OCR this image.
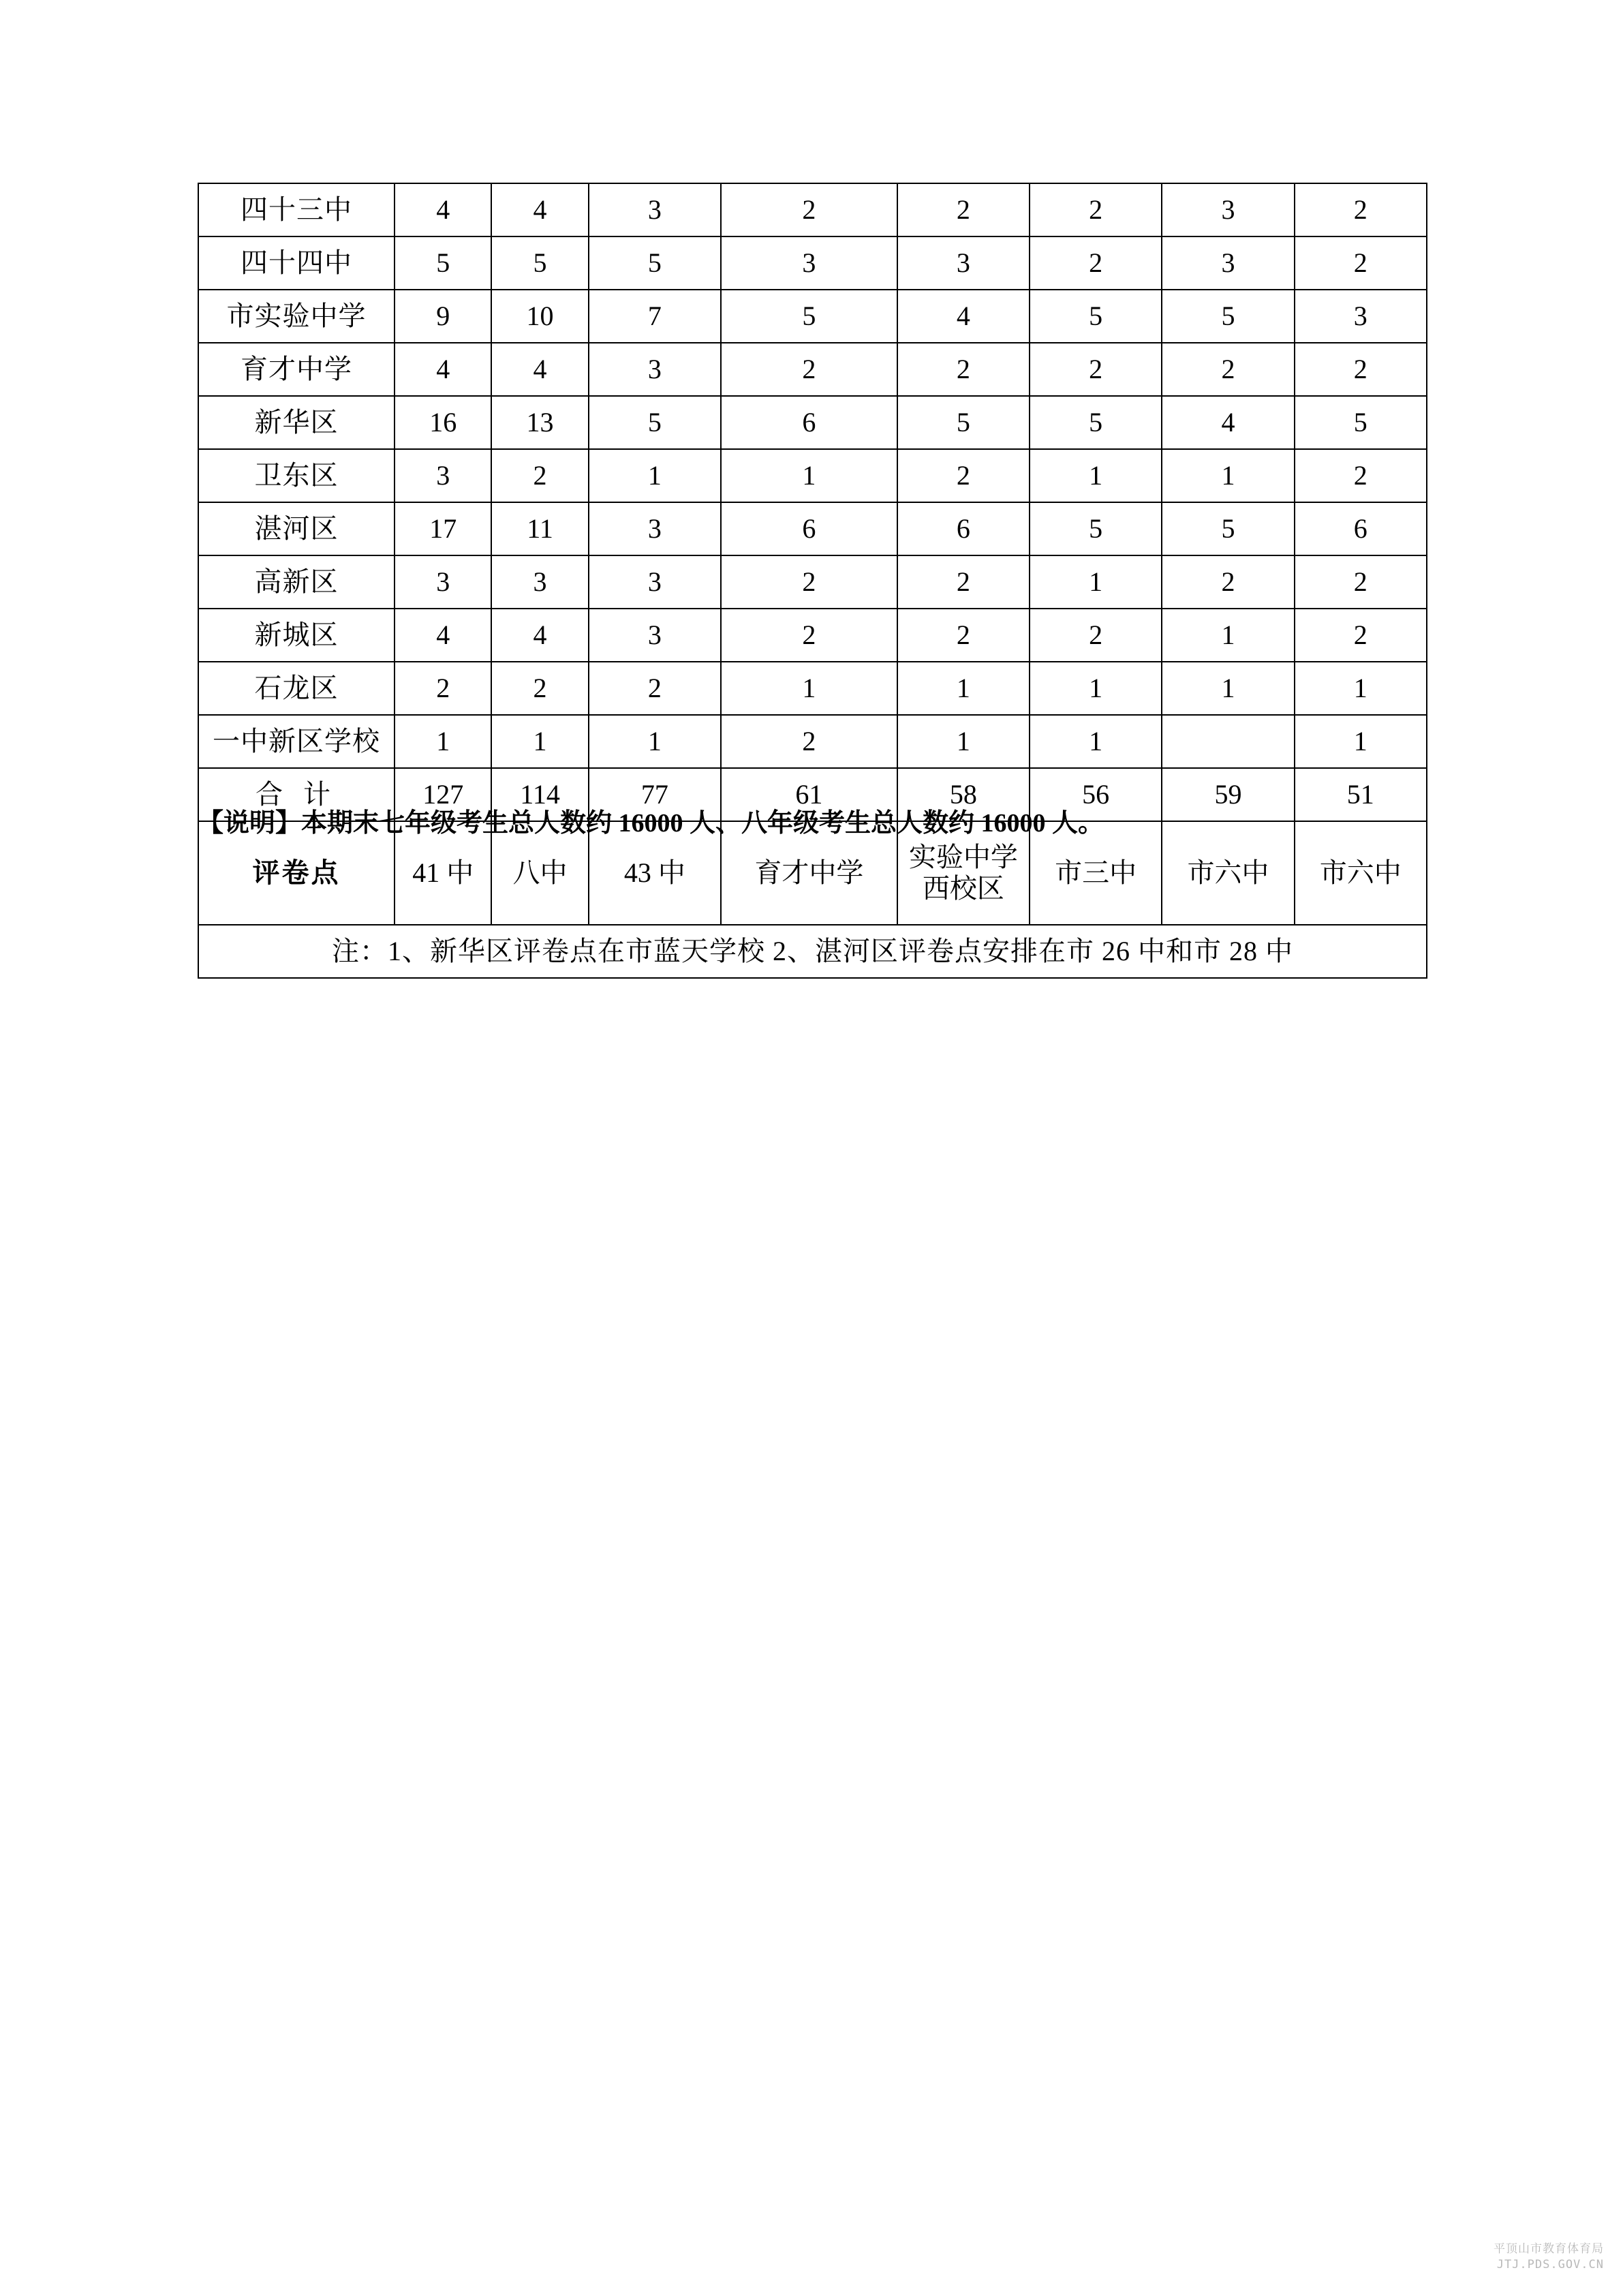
四十三中	4	4	3	2	2	2	3	2
四十四中	5	5	5	3	3	2	3	2
市实验中学	9	10	7	5	4	5	5	3
育才中学	4	4	3	2	2	2	2	2
新华区	16	13	5	6	5	5	4	5
卫东区	3	2	1	1	2	1	1	2
湛河区	17	11	3	6	6	5	5	6
高新区	3	3	3	2	2	1	2	2
新城区	4	4	3	2	2	2	1	2
石龙区	2	2	2	1	1	1	1	1
一中新区学校	1	1	1	2	1	1		1
合 计	127	114	77	61	58	56	59	51
评卷点	41 中	八中	43 中	育才中学	实验中学西校区	市三中	市六中	市六中
注：1、新华区评卷点在市蓝天学校 2、湛河区评卷点安排在市 26 中和市 28 中								
【说明】本期末七年级考生总人数约 16000 人、八年级考生总人数约 16000 人。
平顶山市教育体育局
JTJ.PDS.GOV.CN
